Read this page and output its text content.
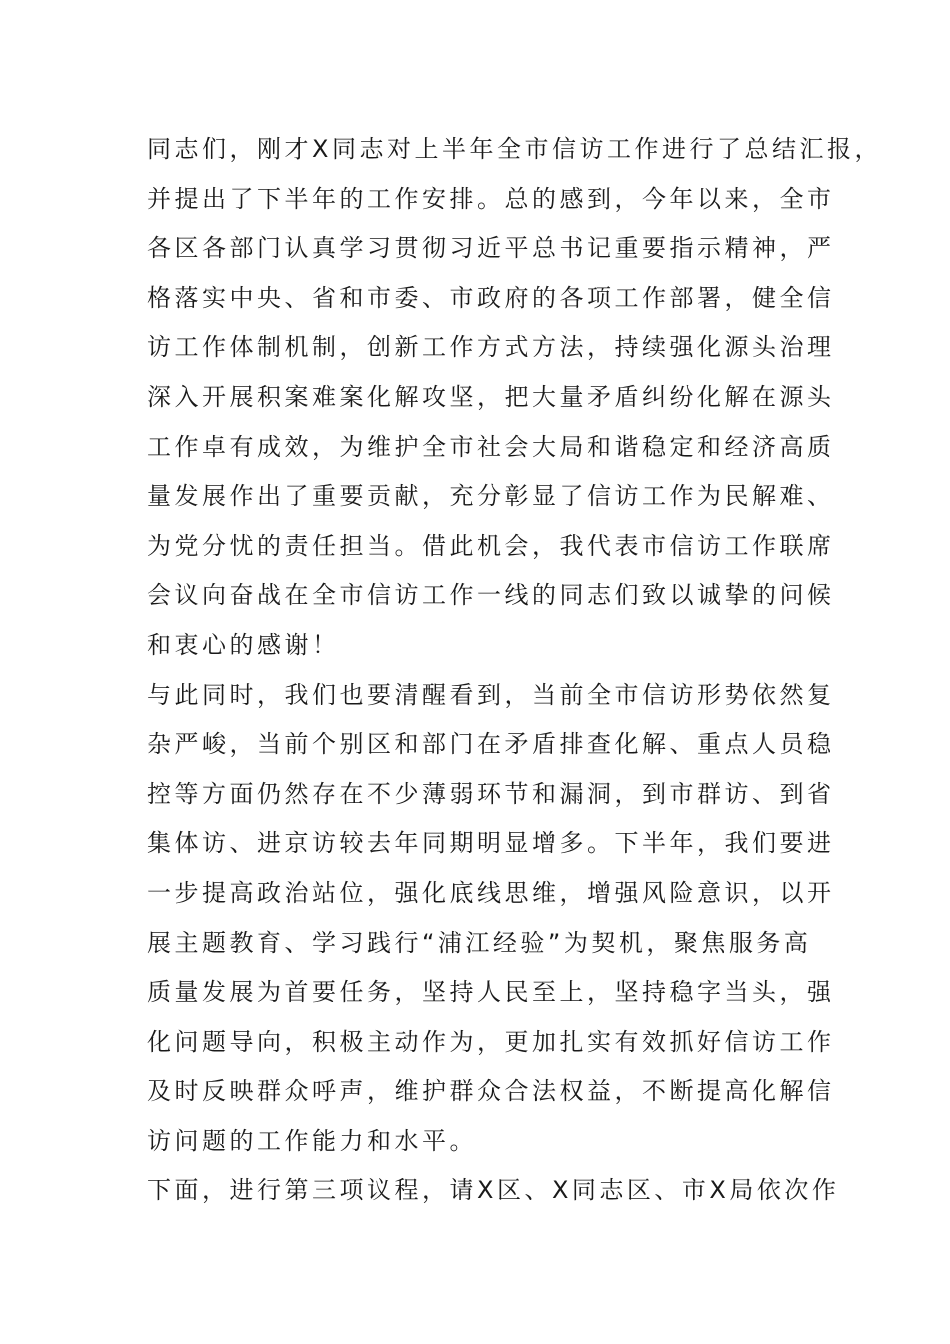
同志们，刚才X同志对上半年全市信访工作进行了总结汇报，
并提出了下半年的工作安排。总的感到，今年以来，全市
各区各部门认真学习贯彻习近平总书记重要指示精神，严
格落实中央、省和市委、市政府的各项工作部署，健全信
访工作体制机制，创新工作方式方法，持续强化源头治理
深入开展积案难案化解攻坚，把大量矛盾纠纷化解在源头
工作卓有成效，为维护全市社会大局和谐稳定和经济高质
量发展作出了重要贡献，充分彰显了信访工作为民解难、
为党分忧的责任担当。借此机会，我代表市信访工作联席
会议向奋战在全市信访工作一线的同志们致以诚挚的问候
和衷心的感谢！
与此同时，我们也要清醒看到，当前全市信访形势依然复
杂严峻，当前个别区和部门在矛盾排查化解、重点人员稳
控等方面仍然存在不少薄弱环节和漏洞，到市群访、到省
集体访、进京访较去年同期明显增多。下半年，我们要进
一步提高政治站位，强化底线思维，增强风险意识，以开
展主题教育、学习践行“浦江经验”为契机，聚焦服务高
质量发展为首要任务，坚持人民至上，坚持稳字当头，强
化问题导向，积极主动作为，更加扎实有效抓好信访工作
及时反映群众呼声，维护群众合法权益，不断提高化解信
访问题的工作能力和水平。
下面，进行第三项议程，请X区、X同志区、市X局依次作
